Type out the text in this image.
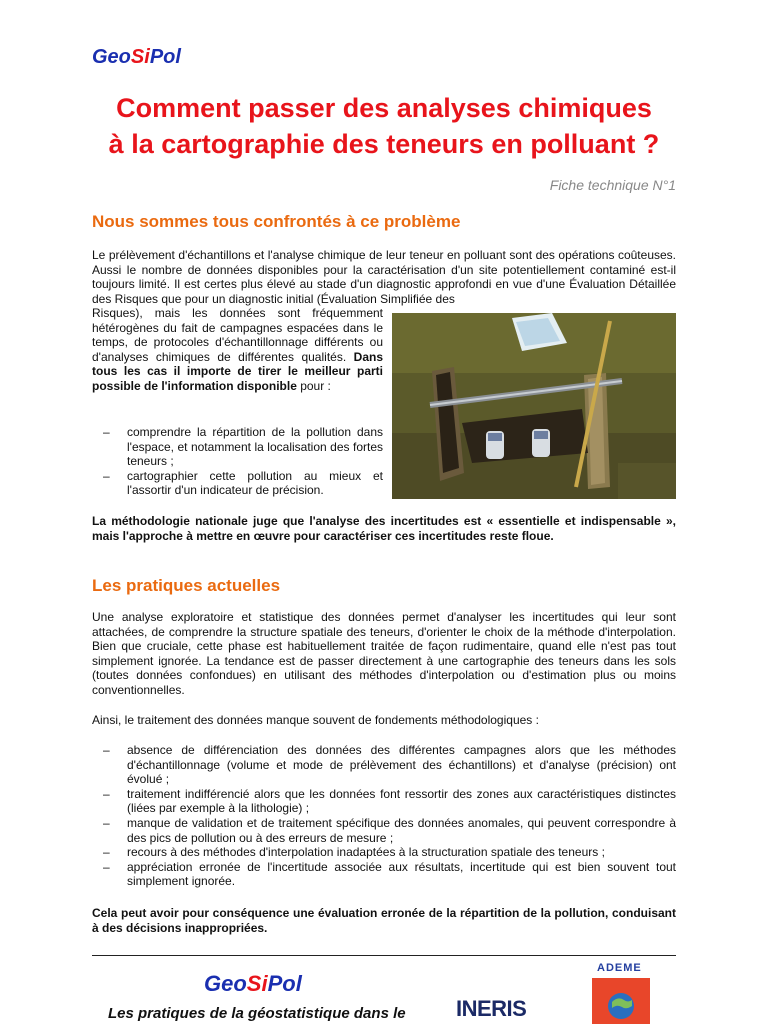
GeoSiPol
Comment passer des analyses chimiques
à la cartographie des teneurs en polluant ?
Fiche technique N°1
Nous sommes tous confrontés à ce problème

Le prélèvement d'échantillons et l'analyse chimique de leur teneur en polluant sont des opérations coûteuses. Aussi le nombre de données disponibles pour la caractérisation d'un site potentiellement contaminé est-il toujours limité. Il est certes plus élevé au stade d'un diagnostic approfondi en vue d'une Évaluation Détaillée des Risques que pour un diagnostic initial (Évaluation Simplifiée des

Risques), mais les données sont fréquemment hétérogènes du fait de campagnes espacées dans le temps, de protocoles d'échantillonnage différents ou d'analyses chimiques de différentes qualités. Dans tous les cas il importe de tirer le meilleur parti possible de l'information disponible pour :

– comprendre la répartition de la pollution dans l'espace, et notamment la localisation des fortes teneurs ;
– cartographier cette pollution au mieux et l'assortir d'un indicateur de précision.

La méthodologie nationale juge que l'analyse des incertitudes est « essentielle et indispensable », mais l'approche à mettre en œuvre pour caractériser ces incertitudes reste floue.

Les pratiques actuelles

Une analyse exploratoire et statistique des données permet d'analyser les incertitudes qui leur sont attachées, de comprendre la structure spatiale des teneurs, d'orienter le choix de la méthode d'interpolation. Bien que cruciale, cette phase est habituellement traitée de façon rudimentaire, quand elle n'est pas tout simplement ignorée. La tendance est de passer directement à une cartographie des teneurs dans les sols (toutes données confondues) en utilisant des méthodes d'interpolation ou d'estimation plus ou moins conventionnelles.

Ainsi, le traitement des données manque souvent de fondements méthodologiques :

– absence de différenciation des données des différentes campagnes alors que les méthodes d'échantillonnage (volume et mode de prélèvement des échantillons) et d'analyse (précision) ont évolué ;
– traitement indifférencié alors que les données font ressortir des zones aux caractéristiques distinctes (liées par exemple à la lithologie) ;
– manque de validation et de traitement spécifique des données anomales, qui peuvent correspondre à des pics de pollution ou à des erreurs de mesure ;
– recours à des méthodes d'interpolation inadaptées à la structuration spatiale des teneurs ;
– appréciation erronée de l'incertitude associée aux résultats, incertitude qui est bien souvent tout simplement ignorée.

Cela peut avoir pour conséquence une évaluation erronée de la répartition de la pollution, conduisant à des décisions inappropriées.

GeoSiPol
Les pratiques de la géostatistique dans le INERIS
ADEME
